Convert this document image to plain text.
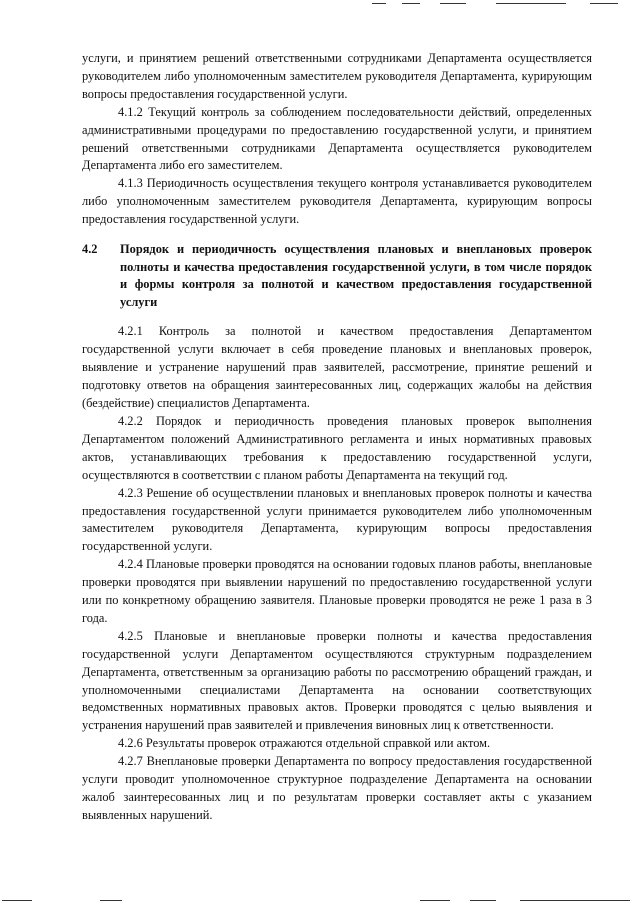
услуги, и принятием решений ответственными сотрудниками Департамента осуществляется руководителем либо уполномоченным заместителем руководителя Департамента, курирующим вопросы предоставления государственной услуги.

4.1.2 Текущий контроль за соблюдением последовательности действий, определенных административными процедурами по предоставлению государственной услуги, и принятием решений ответственными сотрудниками Департамента осуществляется руководителем Департамента либо его заместителем.

4.1.3 Периодичность осуществления текущего контроля устанавливается руководителем либо уполномоченным заместителем руководителя Департамента, курирующим вопросы предоставления государственной услуги.

4.2	Порядок и периодичность осуществления плановых и внеплановых проверок полноты и качества предоставления государственной услуги, в том числе порядок и формы контроля за полнотой и качеством предоставления государственной услуги

4.2.1 Контроль за полнотой и качеством предоставления Департаментом государственной услуги включает в себя проведение плановых и внеплановых проверок, выявление и устранение нарушений прав заявителей, рассмотрение, принятие решений и подготовку ответов на обращения заинтересованных лиц, содержащих жалобы на действия (бездействие) специалистов Департамента.

4.2.2 Порядок и периодичность проведения плановых проверок выполнения Департаментом положений Административного регламента и иных нормативных правовых актов, устанавливающих требования к предоставлению государственной услуги, осуществляются в соответствии с планом работы Департамента на текущий год.

4.2.3 Решение об осуществлении плановых и внеплановых проверок полноты и качества предоставления государственной услуги принимается руководителем либо уполномоченным заместителем руководителя Департамента, курирующим вопросы предоставления государственной услуги.

4.2.4 Плановые проверки проводятся на основании годовых планов работы, внеплановые проверки проводятся при выявлении нарушений по предоставлению государственной услуги или по конкретному обращению заявителя. Плановые проверки проводятся не реже 1 раза в 3 года.

4.2.5 Плановые и внеплановые проверки полноты и качества предоставления государственной услуги Департаментом осуществляются структурным подразделением Департамента, ответственным за организацию работы по рассмотрению обращений граждан, и уполномоченными специалистами Департамента на основании соответствующих ведомственных нормативных правовых актов. Проверки проводятся с целью выявления и устранения нарушений прав заявителей и привлечения виновных лиц к ответственности.

4.2.6 Результаты проверок отражаются отдельной справкой или актом.

4.2.7 Внеплановые проверки Департамента по вопросу предоставления государственной услуги проводит уполномоченное структурное подразделение Департамента на основании жалоб заинтересованных лиц и по результатам проверки составляет акты с указанием выявленных нарушений.
